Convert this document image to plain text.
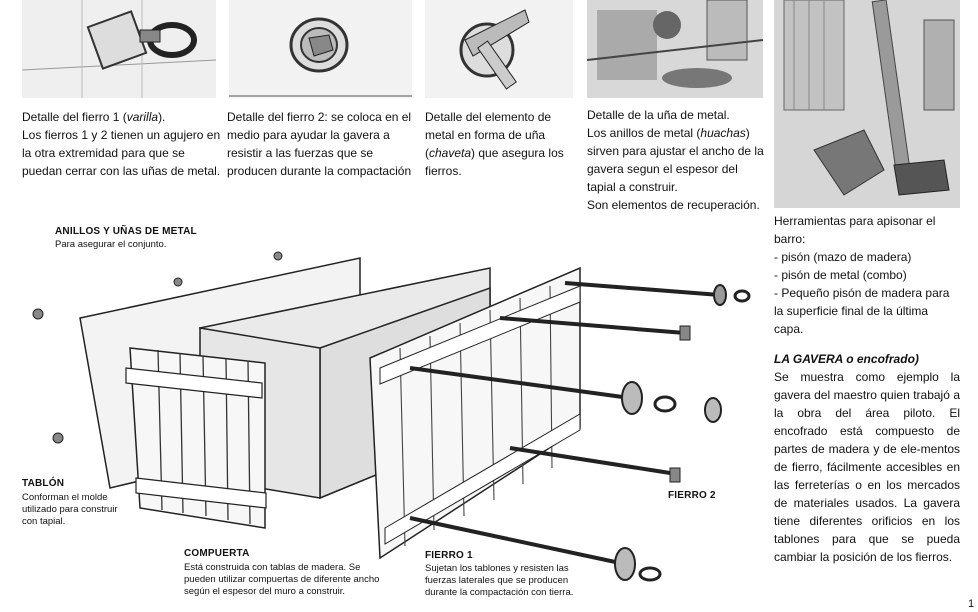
Detalle del fierro 1 (varilla).

Los fierros 1 y 2 tienen un agujero en la otra extremidad para que se puedan cerrar con las uñas de metal.

Detalle del fierro 2: se coloca en el medio para ayudar la gavera a resistir a las fuerzas que se producen durante la compactación

Detalle del elemento de metal en forma de uña (chaveta) que asegura los fierros.

Detalle de la uña de metal.

Los anillos de metal (huachas) sirven para ajustar el ancho de la gavera segun el espesor del tapial a construir.

Son elementos de recuperación.

Herramientas para apisonar el barro:

- pisón (mazo de madera)

- pisón de metal (combo)

- Pequeño pisón de madera para la superficie final de la última capa.

LA GAVERA o encofrado)

Se muestra como ejemplo la gavera del maestro quien trabajó a la obra del área piloto. El encofrado está compuesto de partes de madera y de ele-mentos de fierro, fácilmente accesibles en las ferreterías o en los mercados de materiales usados. La gavera tiene diferentes orificios en los tablones para que se pueda cambiar la posición de los fierros.

ANILLOS Y UÑAS DE METAL
Para asegurar el conjunto.
TABLÓN
Conforman el molde utilizado para construir con tapial.
COMPUERTA
Está construida con tablas de madera. Se pueden utilizar compuertas de diferente ancho según el espesor del muro a construir.
FIERRO 1
Sujetan los tablones y resisten las fuerzas laterales que se producen durante la compactación con tierra.
FIERRO 2
1
